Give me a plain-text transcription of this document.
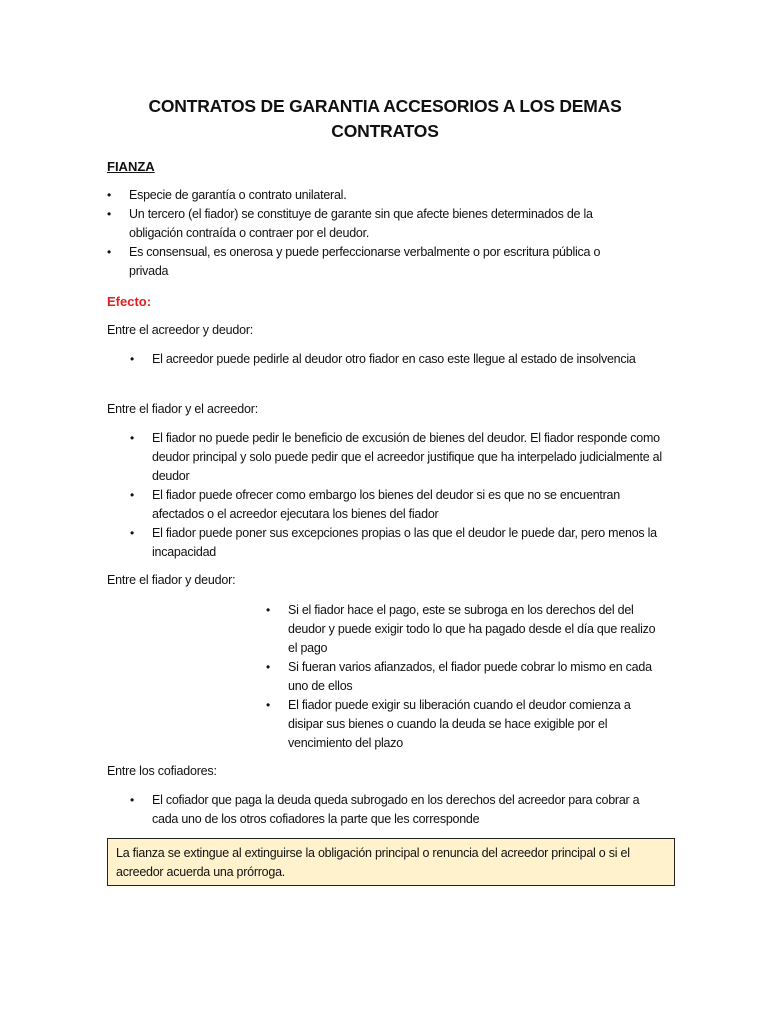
CONTRATOS DE GARANTIA ACCESORIOS A LOS DEMAS CONTRATOS
FIANZA
• Especie de garantía o contrato unilateral.
• Un tercero (el fiador) se constituye de garante sin que afecte bienes determinados de la obligación contraída o contraer por el deudor.
• Es consensual, es onerosa y puede perfeccionarse verbalmente o por escritura pública o privada
Efecto:
Entre el acreedor y deudor:
• El acreedor puede pedirle al deudor otro fiador en caso este llegue al estado de insolvencia
Entre el fiador y el acreedor:
• El fiador no puede pedir le beneficio de excusión de bienes del deudor. El fiador responde como deudor principal y solo puede pedir que el acreedor justifique que ha interpelado judicialmente al deudor
• El fiador puede ofrecer como embargo los bienes del deudor si es que no se encuentran afectados o el acreedor ejecutara los bienes del fiador
• El fiador puede poner sus excepciones propias o las que el deudor le puede dar, pero menos la incapacidad
Entre el fiador y deudor:
• Si el fiador hace el pago, este se subroga en los derechos del del deudor y puede exigir todo lo que ha pagado desde el día que realizo el pago
• Si fueran varios afianzados, el fiador puede cobrar lo mismo en cada uno de ellos
• El fiador puede exigir su liberación cuando el deudor comienza a disipar sus bienes o cuando la deuda se hace exigible por el vencimiento del plazo
Entre los cofiadores:
• El cofiador que paga la deuda queda subrogado en los derechos del acreedor para cobrar a cada uno de los otros cofiadores la parte que les corresponde
La fianza se extingue al extinguirse la obligación principal o renuncia del acreedor principal o si el acreedor acuerda una prórroga.
